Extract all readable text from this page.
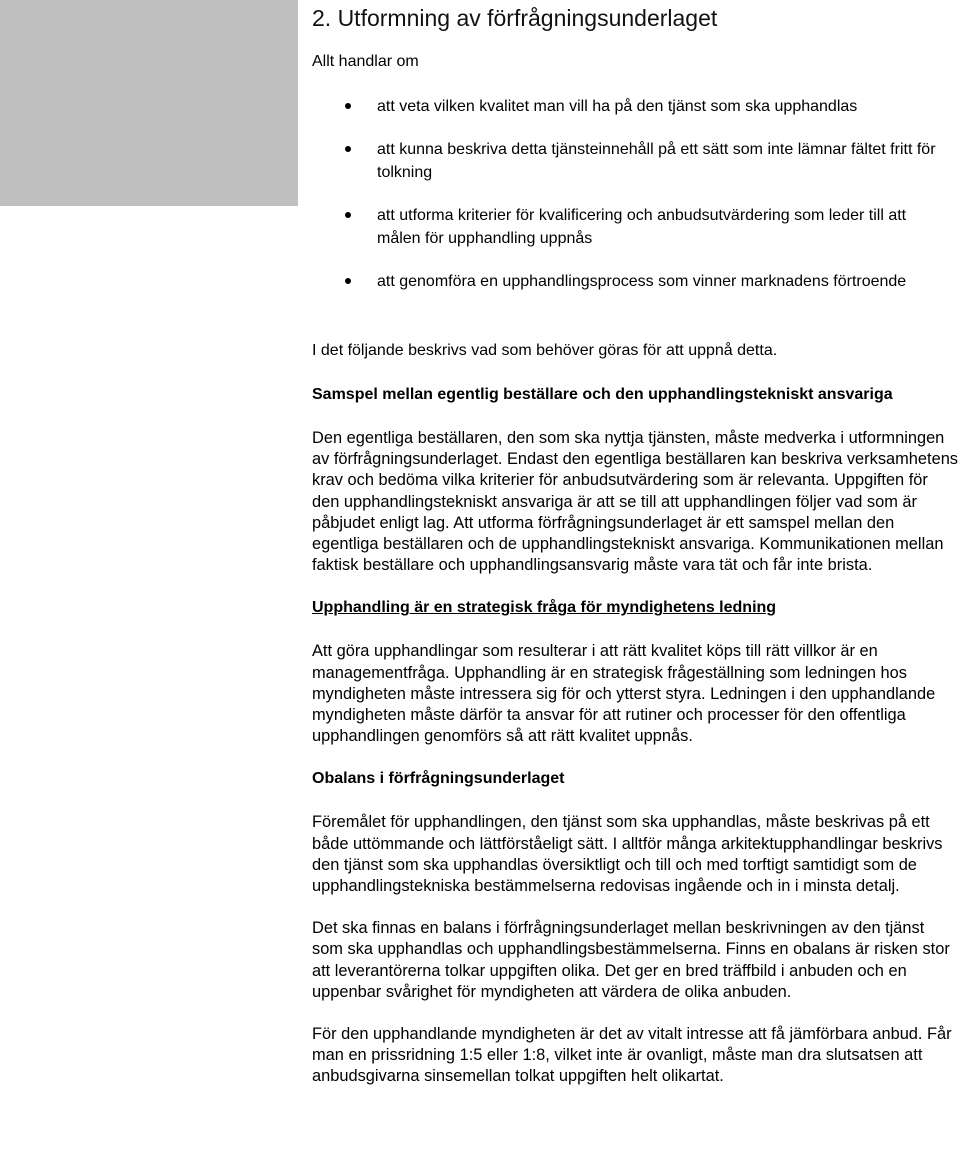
2. Utformning av förfrågningsunderlaget
Allt handlar om
att veta vilken kvalitet man vill ha på den tjänst som ska upphandlas
att kunna beskriva detta tjänsteinnehåll på ett sätt som inte lämnar fältet fritt för tolkning
att utforma kriterier för kvalificering och anbudsutvärdering som leder till att målen för upphandling uppnås
att genomföra en upphandlingsprocess som vinner marknadens förtroende
I det följande beskrivs vad som behöver göras för att uppnå detta.
Samspel mellan egentlig beställare och den upphandlingstekniskt ansvariga

Den egentliga beställaren, den som ska nyttja tjänsten, måste medverka i utformningen av förfrågningsunderlaget. Endast den egentliga beställaren kan beskriva verksamhetens krav och bedöma vilka kriterier för anbudsutvärdering som är relevanta. Uppgiften för den upphandlingstekniskt ansvariga är att se till att upphandlingen följer vad som är påbjudet enligt lag. Att utforma förfrågningsunderlaget är ett samspel mellan den egentliga beställaren och de upphandlingstekniskt ansvariga. Kommunikationen mellan faktisk beställare och upphandlingsansvarig måste vara tät och får inte brista.

Upphandling är en strategisk fråga för myndighetens ledning

Att göra upphandlingar som resulterar i att rätt kvalitet köps till rätt villkor är en managementfråga. Upphandling är en strategisk frågeställning som ledningen hos myndigheten måste intressera sig för och ytterst styra. Ledningen i den upphandlande myndigheten måste därför ta ansvar för att rutiner och processer för den offentliga upphandlingen genomförs så att rätt kvalitet uppnås.

Obalans i förfrågningsunderlaget

Föremålet för upphandlingen, den tjänst som ska upphandlas, måste beskrivas på ett både uttömmande och lättförståeligt sätt. I alltför många arkitektupphandlingar beskrivs den tjänst som ska upphandlas översiktligt och till och med torftigt samtidigt som de upphandlingstekniska bestämmelserna redovisas ingående och in i minsta detalj.

Det ska finnas en balans i förfrågningsunderlaget mellan beskrivningen av den tjänst som ska upphandlas och upphandlingsbestämmelserna. Finns en obalans är risken stor att leverantörerna tolkar uppgiften olika. Det ger en bred träffbild i anbuden och en uppenbar svårighet för myndigheten att värdera de olika anbuden.

För den upphandlande myndigheten är det av vitalt intresse att få jämförbara anbud. Får man en prissridning 1:5 eller 1:8, vilket inte är ovanligt, måste man dra slutsatsen att anbudsgivarna sinsemellan tolkat uppgiften helt olikartat.
